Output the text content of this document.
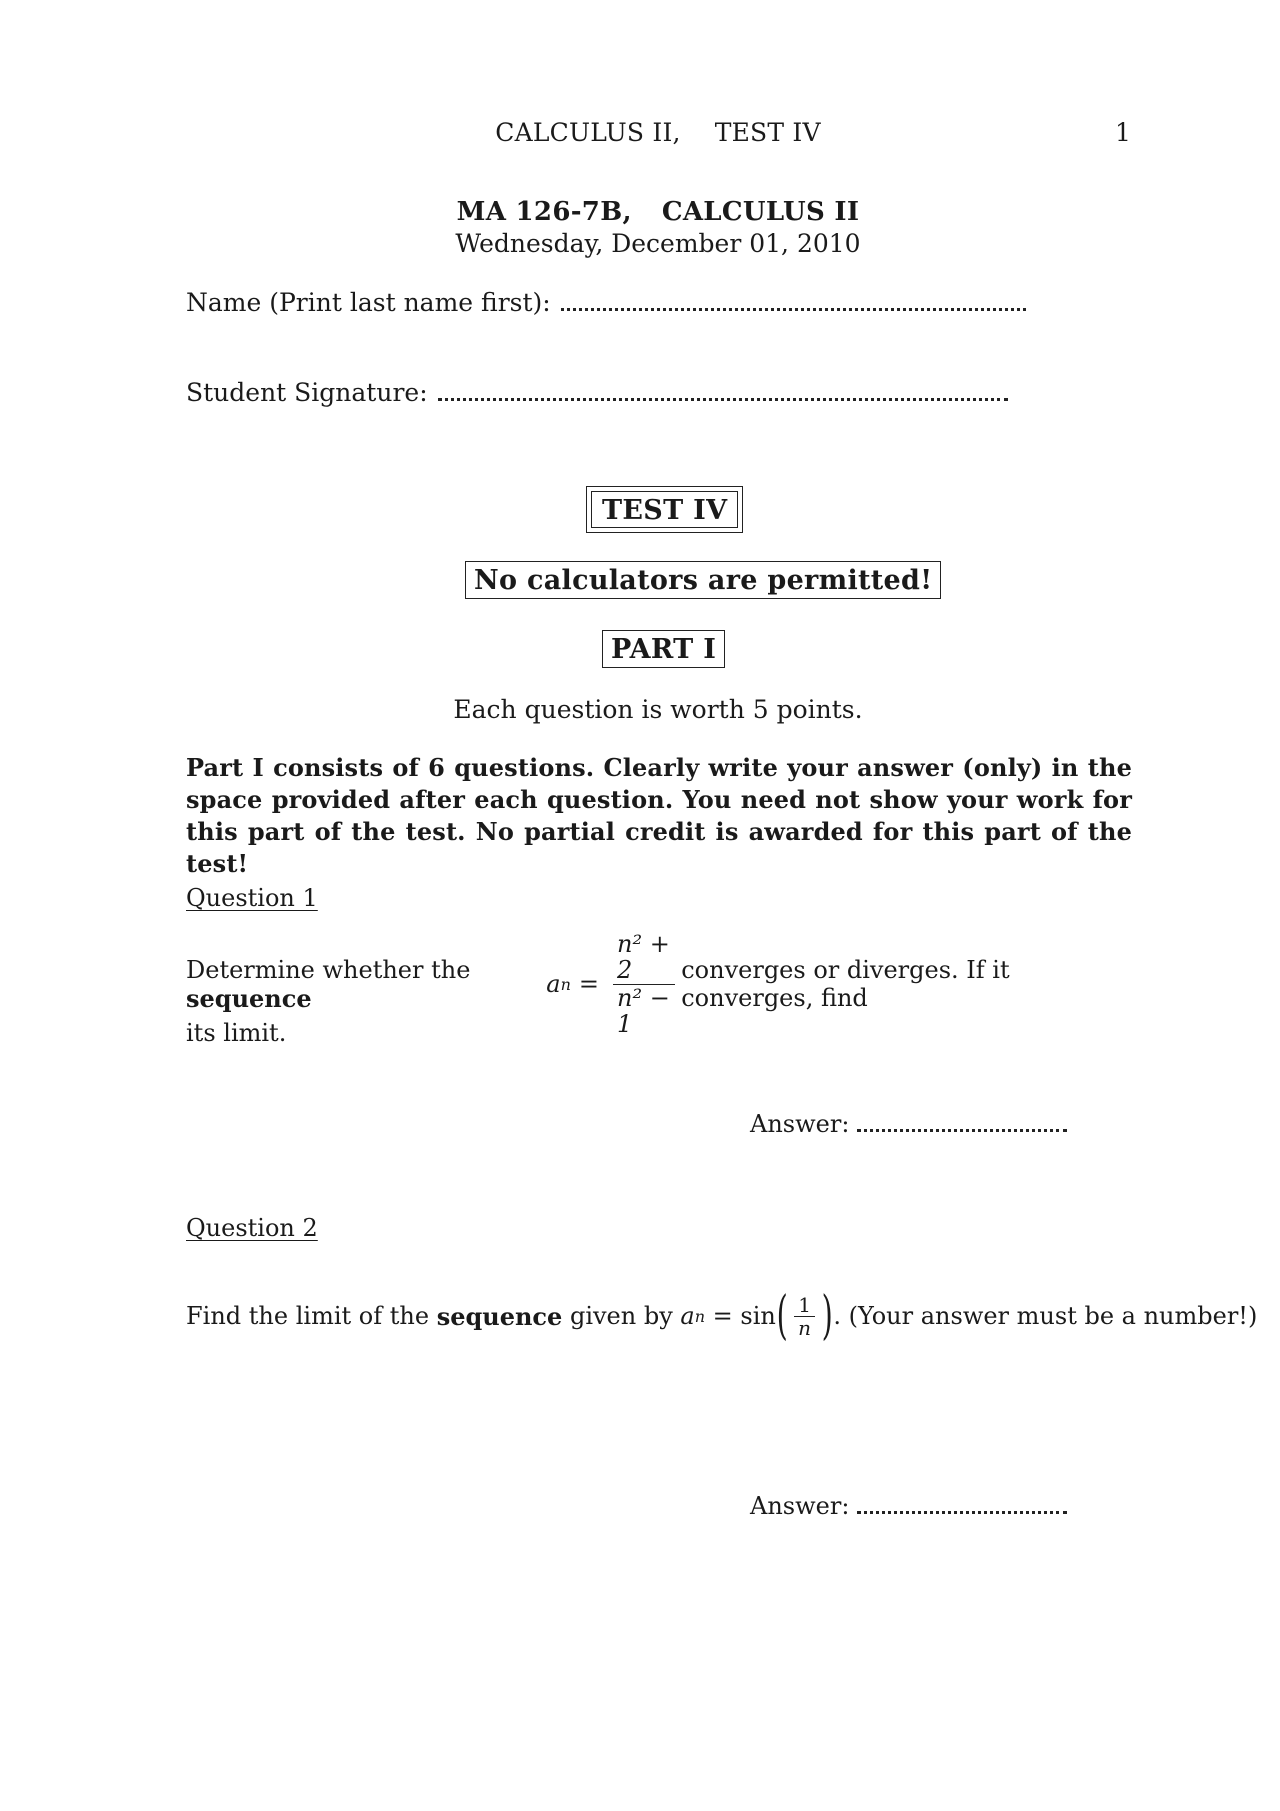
CALCULUS II, TEST IV	1
MA 126-7B, CALCULUS II
Wednesday, December 01, 2010
Name (Print last name first):
Student Signature:
TEST IV
No calculators are permitted!
PART I
Each question is worth 5 points.
Part I consists of 6 questions. Clearly write your answer (only) in the space provided after each question. You need not show your work for this part of the test. No partial credit is awarded for this part of the test!
Question 1
Determine whether the sequence	a $n = \frac{\text{n² + 2}}{\text{n² − 1}}$ converges or diverges. If it converges, find
its limit.
Answer:
Question 2
Find the limit of the
sequence
given by
a n
= sin ( $\frac{1}{n}$ ) . (Your answer must be a number!)
Answer:
